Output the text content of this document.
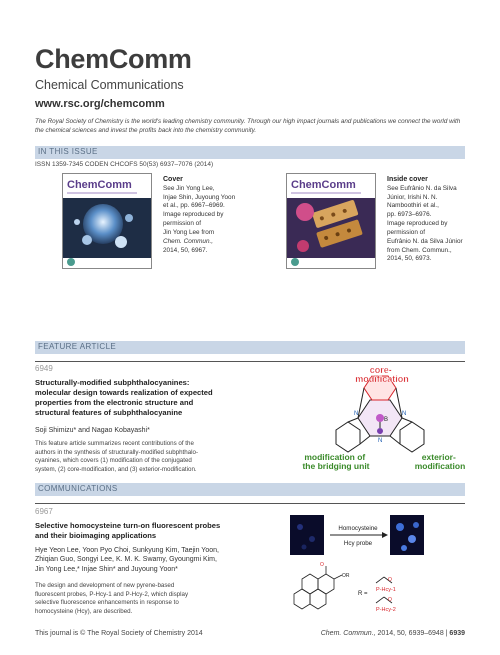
ChemComm
Chemical Communications
www.rsc.org/chemcomm
The Royal Society of Chemistry is the world's leading chemistry community. Through our high impact journals and publications we connect the world with the chemical sciences and invest the profits back into the chemistry community.
IN THIS ISSUE
ISSN 1359-7345 CODEN CHCOFS 50(53) 6937–7076 (2014)
ChemComm	Cover
See Jin Yong Lee,
Injae Shin, Juyoung Yoon
et al., pp. 6967–6969.
Image reproduced by
permission of
Jin Yong Lee from
Chem. Commun.,
2014, 50, 6967.
ChemComm	Inside cover
See Eufrânio N. da Silva
Júnior, Irishi N. N.
Namboothiri et al.,
pp. 6973–6976.
Image reproduced by
permission of
Eufrânio N. da Silva Júnior
from Chem. Commun.,
2014, 50, 6973.
FEATURE ARTICLE
6949
Structurally-modified subphthalocyanines:
molecular design towards realization of expected
properties from the electronic structure and
structural features of subphthalocyanine
Soji Shimizu* and Nagao Kobayashi*
This feature article summarizes recent contributions of the
authors in the synthesis of structurally-modified subphthalo-
cyanines, which covers (1) modification of the conjugated
system, (2) core-modification, and (3) exterior-modification.
B
N	N
N
core- modification
modification of the bridging unit
exterior- modification
COMMUNICATIONS
6967
Selective homocysteine turn-on fluorescent probes
and their bioimaging applications
Hye Yeon Lee, Yoon Pyo Choi, Sunkyung Kim, Taejin Yoon,
Zhiqian Guo, Songyi Lee, K. M. K. Swamy, Gyoungmi Kim,
Jin Yong Lee,* Injae Shin* and Juyoung Yoon*
The design and development of new pyrene-based
fluorescent probes, P-Hcy-1 and P-Hcy-2, which display
selective fluorescence enhancements in response to
homocysteine (Hcy), are described.
Homocysteine
Hcy probe
O
OR
R =
O
O
P-Hcy-1
P-Hcy-2
This journal is © The Royal Society of Chemistry 2014	Chem. Commun., 2014, 50, 6939–6948 | 6939
